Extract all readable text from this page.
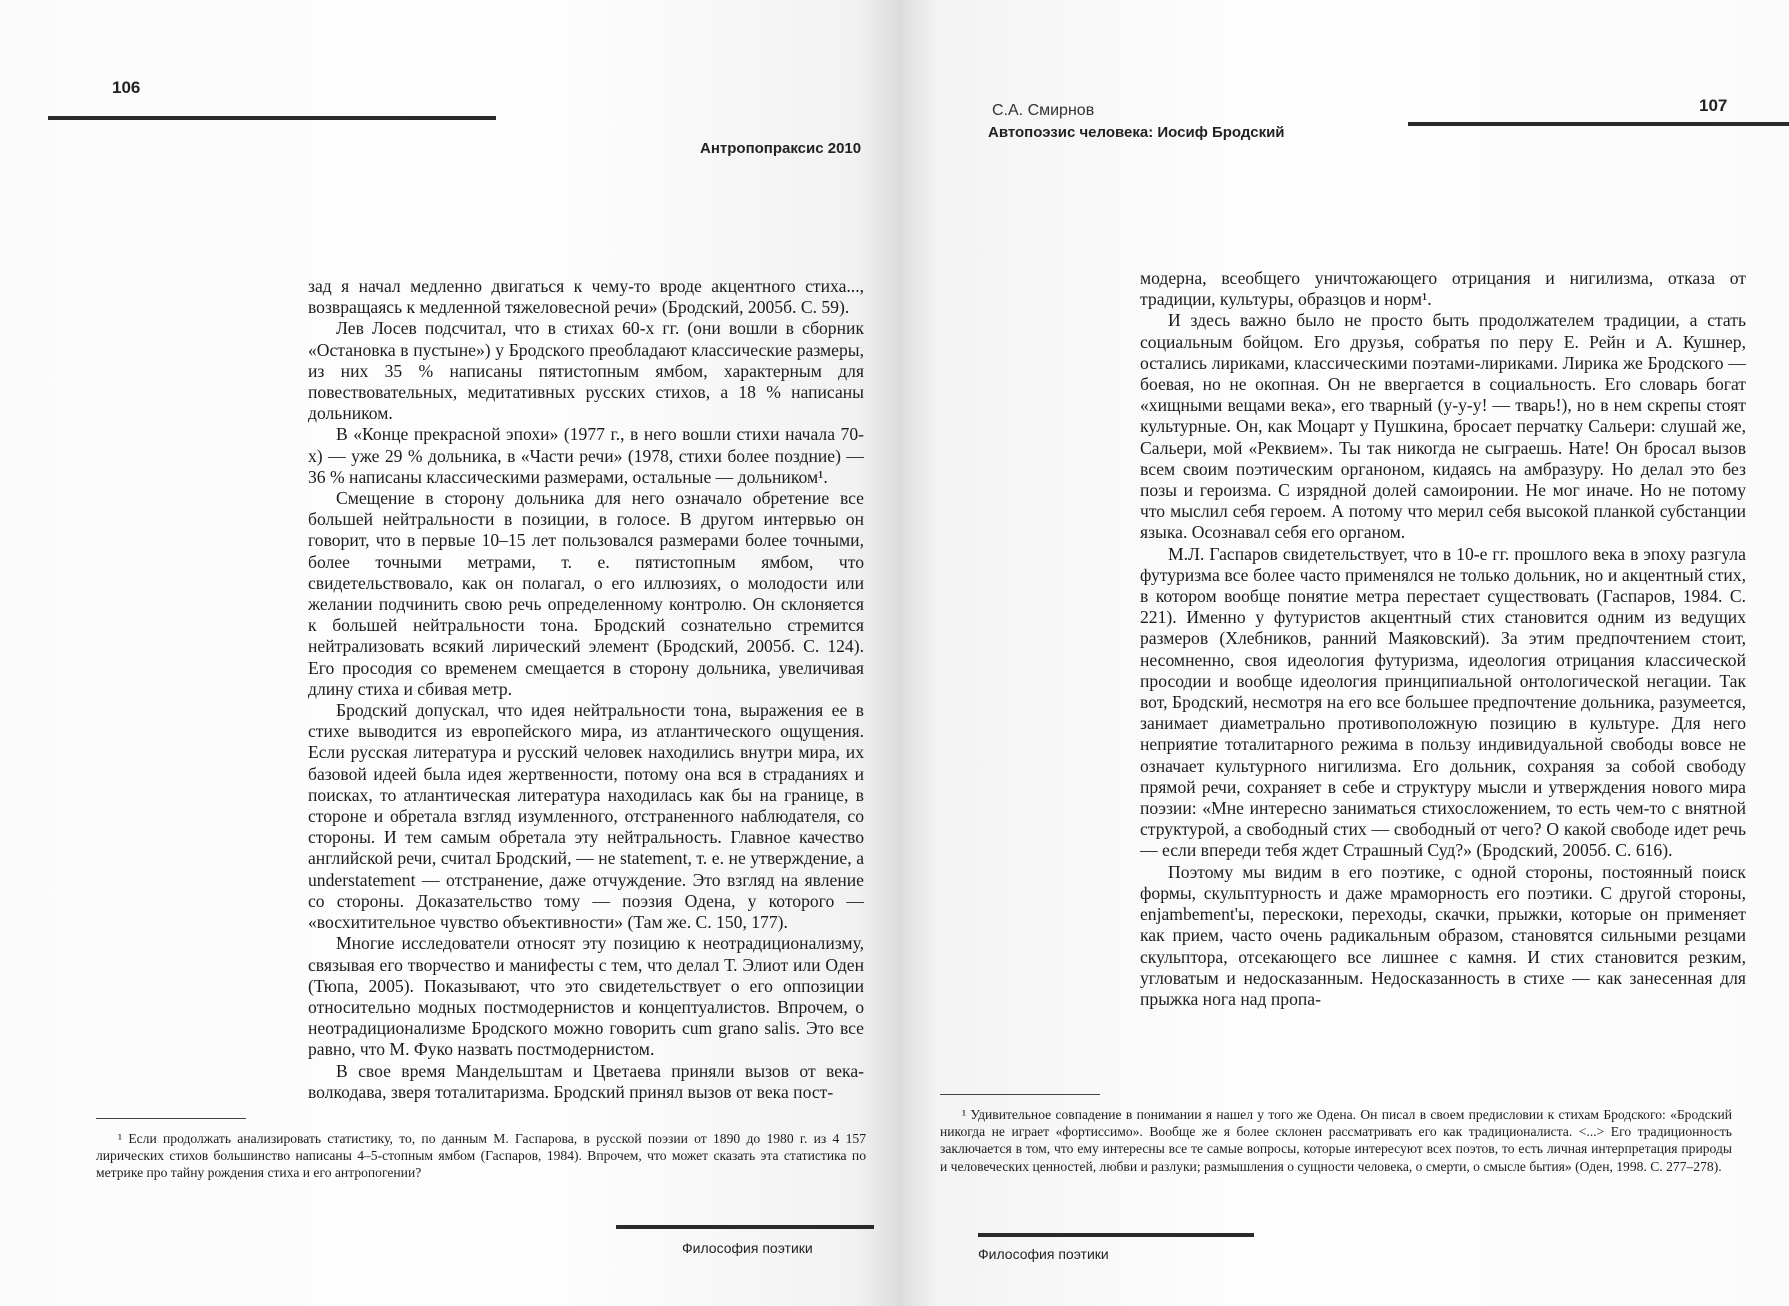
106
Антропопраксис 2010

зад я начал медленно двигаться к чему-то вроде акцентного стиха..., возвращаясь к медленной тяжеловесной речи» (Бродский, 2005б. С. 59).

Лев Лосев подсчитал, что в стихах 60-х гг. (они вошли в сборник «Остановка в пустыне») у Бродского преобладают классические размеры, из них 35 % написаны пятистопным ямбом, характерным для повествовательных, медитативных русских стихов, а 18 % написаны дольником.

В «Конце прекрасной эпохи» (1977 г., в него вошли стихи начала 70-х) — уже 29 % дольника, в «Части речи» (1978, стихи более поздние) — 36 % написаны классическими размерами, остальные — дольником¹.

Смещение в сторону дольника для него означало обретение все большей нейтральности в позиции, в голосе. В другом интервью он говорит, что в первые 10–15 лет пользовался размерами более точными, более точными метрами, т. е. пятистопным ямбом, что свидетельствовало, как он полагал, о его иллюзиях, о молодости или желании подчинить свою речь определенному контролю. Он склоняется к большей нейтральности тона. Бродский сознательно стремится нейтрализовать всякий лирический элемент (Бродский, 2005б. С. 124). Его просодия со временем смещается в сторону дольника, увеличивая длину стиха и сбивая метр.

Бродский допускал, что идея нейтральности тона, выражения ее в стихе выводится из европейского мира, из атлантического ощущения. Если русская литература и русский человек находились внутри мира, их базовой идеей была идея жертвенности, потому она вся в страданиях и поисках, то атлантическая литература находилась как бы на границе, в стороне и обретала взгляд изумленного, отстраненного наблюдателя, со стороны. И тем самым обретала эту нейтральность. Главное качество английской речи, считал Бродский, — не statement, т. е. не утверждение, а understatement — отстранение, даже отчуждение. Это взгляд на явление со стороны. Доказательство тому — поэзия Одена, у которого — «восхитительное чувство объективности» (Там же. С. 150, 177).

Многие исследователи относят эту позицию к неотрадиционализму, связывая его творчество и манифесты с тем, что делал Т. Элиот или Оден (Тюпа, 2005). Показывают, что это свидетельствует о его оппозиции относительно модных постмодернистов и концептуалистов. Впрочем, о неотрадиционализме Бродского можно говорить cum grano salis. Это все равно, что М. Фуко назвать постмодернистом.

В свое время Мандельштам и Цветаева приняли вызов от века-волкодава, зверя тоталитаризма. Бродский принял вызов от века пост-

¹ Если продолжать анализировать статистику, то, по данным М. Гаспарова, в русской поэзии от 1890 до 1980 г. из 4 157 лирических стихов большинство написаны 4–5-стопным ямбом (Гаспаров, 1984). Впрочем, что может сказать эта статистика по метрике про тайну рождения стиха и его антропогении?

Философия поэтики
С.А. Смирнов	107
Автопоэзис человека: Иосиф Бродский

модерна, всеобщего уничтожающего отрицания и нигилизма, отказа от традиции, культуры, образцов и норм¹.

И здесь важно было не просто быть продолжателем традиции, а стать социальным бойцом. Его друзья, собратья по перу Е. Рейн и А. Кушнер, остались лириками, классическими поэтами-лириками. Лирика же Бродского — боевая, но не окопная. Он не ввергается в социальность. Его словарь богат «хищными вещами века», его тварный (у-у-у! — тварь!), но в нем скрепы стоят культурные. Он, как Моцарт у Пушкина, бросает перчатку Сальери: слушай же, Сальери, мой «Реквием». Ты так никогда не сыграешь. Нате! Он бросал вызов всем своим поэтическим органоном, кидаясь на амбразуру. Но делал это без позы и героизма. С изрядной долей самоиронии. Не мог иначе. Но не потому что мыслил себя героем. А потому что мерил себя высокой планкой субстанции языка. Осознавал себя его органом.

М.Л. Гаспаров свидетельствует, что в 10-е гг. прошлого века в эпоху разгула футуризма все более часто применялся не только дольник, но и акцентный стих, в котором вообще понятие метра перестает существовать (Гаспаров, 1984. С. 221). Именно у футуристов акцентный стих становится одним из ведущих размеров (Хлебников, ранний Маяковский). За этим предпочтением стоит, несомненно, своя идеология футуризма, идеология отрицания классической просодии и вообще идеология принципиальной онтологической негации. Так вот, Бродский, несмотря на его все большее предпочтение дольника, разумеется, занимает диаметрально противоположную позицию в культуре. Для него неприятие тоталитарного режима в пользу индивидуальной свободы вовсе не означает культурного нигилизма. Его дольник, сохраняя за собой свободу прямой речи, сохраняет в себе и структуру мысли и утверждения нового мира поэзии: «Мне интересно заниматься стихосложением, то есть чем-то с внятной структурой, а свободный стих — свободный от чего? О какой свободе идет речь — если впереди тебя ждет Страшный Суд?» (Бродский, 2005б. С. 616).

Поэтому мы видим в его поэтике, с одной стороны, постоянный поиск формы, скульптурность и даже мраморность его поэтики. С другой стороны, enjambement'ы, перескоки, переходы, скачки, прыжки, которые он применяет как прием, часто очень радикальным образом, становятся сильными резцами скульптора, отсекающего все лишнее с камня. И стих становится резким, угловатым и недосказанным. Недосказанность в стихе — как занесенная для прыжка нога над пропа-

¹ Удивительное совпадение в понимании я нашел у того же Одена. Он писал в своем предисловии к стихам Бродского: «Бродский никогда не играет «фортиссимо». Вообще же я более склонен рассматривать его как традиционалиста. <...> Его традиционность заключается в том, что ему интересны все те самые вопросы, которые интересуют всех поэтов, то есть личная интерпретация природы и человеческих ценностей, любви и разлуки; размышления о сущности человека, о смерти, о смысле бытия» (Оден, 1998. С. 277–278).

Философия поэтики
